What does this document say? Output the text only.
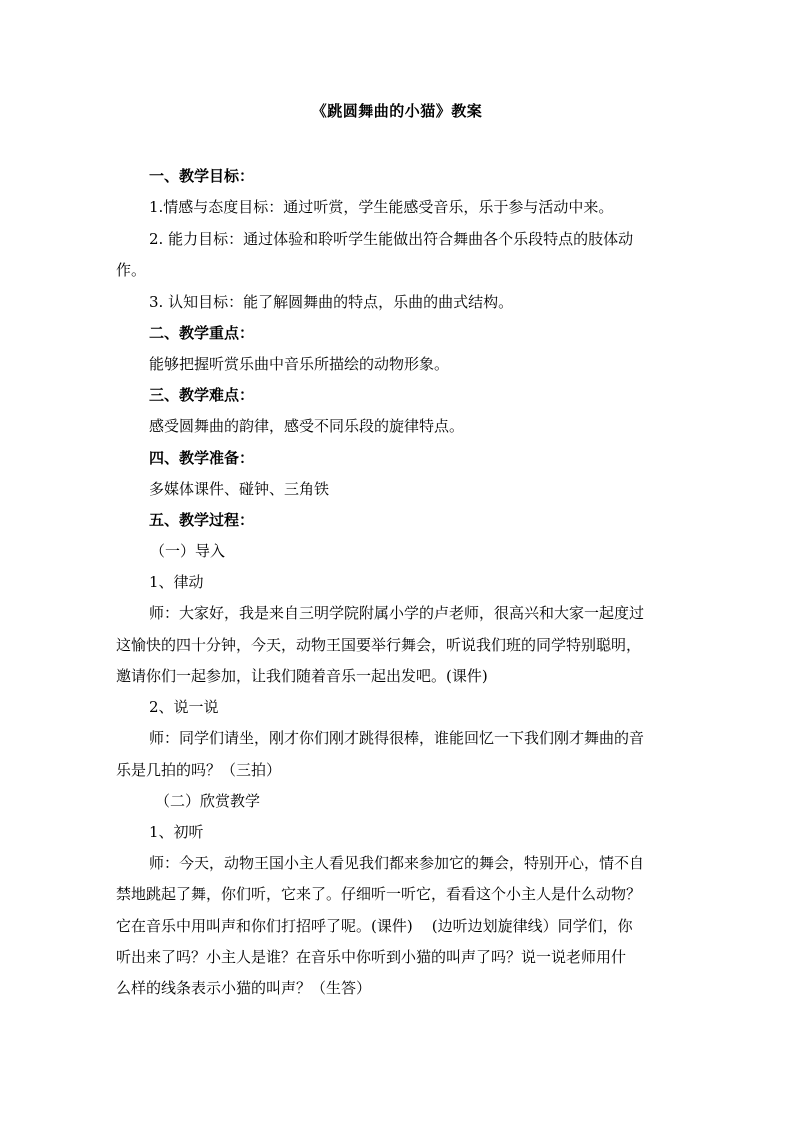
《跳圆舞曲的小猫》教案
一、教学目标：
1.情感与态度目标：通过听赏，学生能感受音乐，乐于参与活动中来。
2. 能力目标：通过体验和聆听学生能做出符合舞曲各个乐段特点的肢体动
作。
3. 认知目标：能了解圆舞曲的特点，乐曲的曲式结构。
二、教学重点：
能够把握听赏乐曲中音乐所描绘的动物形象。
三、教学难点：
感受圆舞曲的韵律，感受不同乐段的旋律特点。
四、教学准备：
多媒体课件、碰钟、三角铁
五、教学过程：
（一）导入
1、律动
师：大家好，我是来自三明学院附属小学的卢老师，很高兴和大家一起度过
这愉快的四十分钟，今天，动物王国要举行舞会，听说我们班的同学特别聪明，
邀请你们一起参加，让我们随着音乐一起出发吧。(课件)
2、说一说
师：同学们请坐，刚才你们刚才跳得很棒，谁能回忆一下我们刚才舞曲的音
乐是几拍的吗？（三拍）
（二）欣赏教学
1、初听
师：今天，动物王国小主人看见我们都来参加它的舞会，特别开心，情不自
禁地跳起了舞，你们听，它来了。仔细听一听它，看看这个小主人是什么动物？
它在音乐中用叫声和你们打招呼了呢。(课件)    (边听边划旋律线）同学们，你
听出来了吗？小主人是谁？在音乐中你听到小猫的叫声了吗？说一说老师用什
么样的线条表示小猫的叫声？（生答）
